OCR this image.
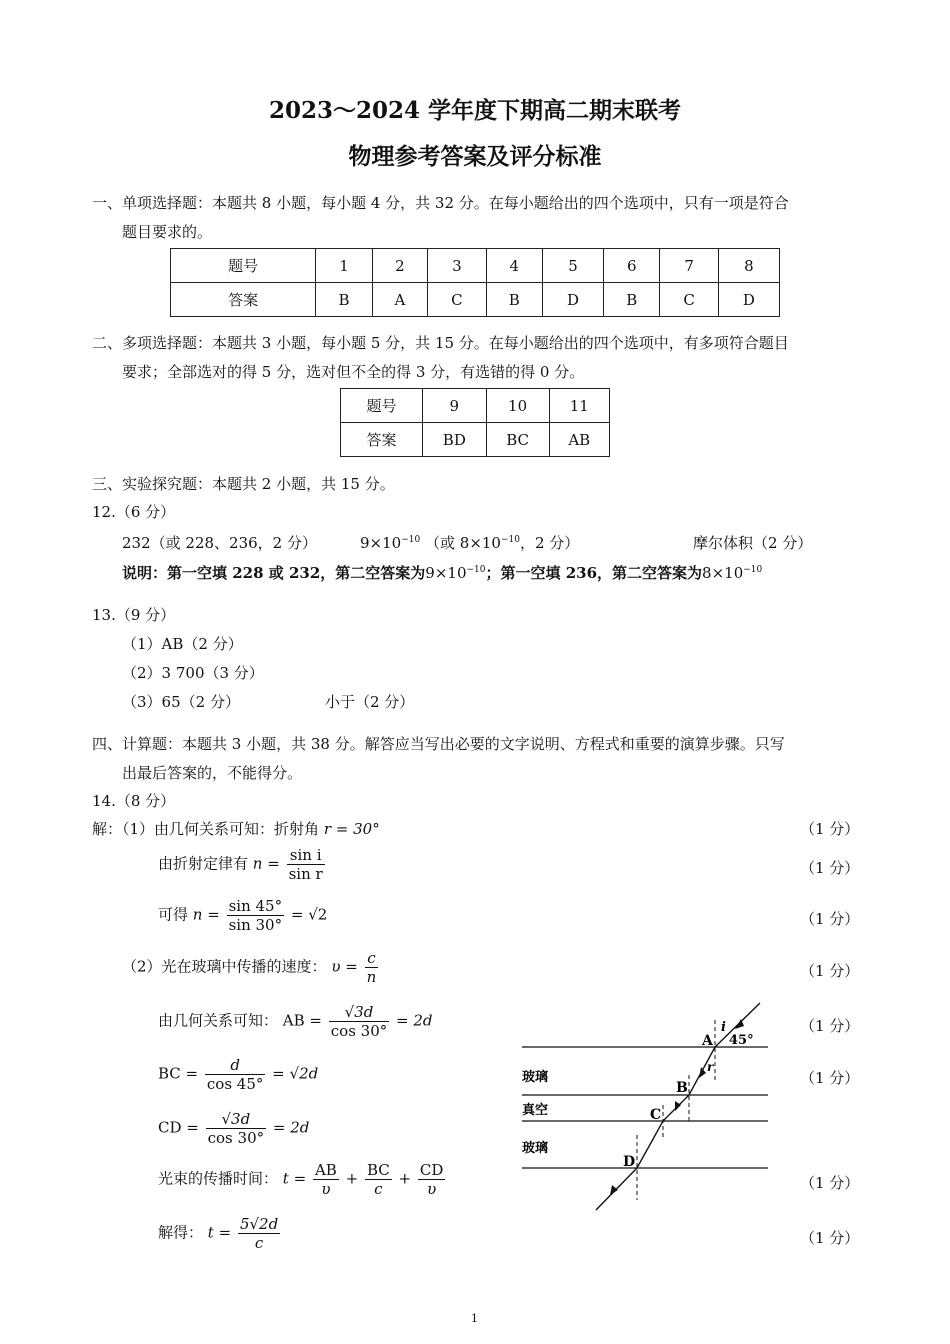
2023～2024 学年度下期高二期末联考
物理参考答案及评分标准
一、单项选择题：本题共 8 小题，每小题 4 分，共 32 分。在每小题给出的四个选项中，只有一项是符合
题目要求的。
题号	1	2	3	4	5	6	7	8
答案	B	A	C	B	D	B	C	D
二、多项选择题：本题共 3 小题，每小题 5 分，共 15 分。在每小题给出的四个选项中，有多项符合题目
要求；全部选对的得 5 分，选对但不全的得 3 分，有选错的得 0 分。
题号	9	10	11
答案	BD	BC	AB
三、实验探究题：本题共 2 小题，共 15 分。
12.（6 分）
232（或 228、236，2 分）	$9\times 10^{-10}$ （或 $8\times 10^{-10}$，2 分）	摩尔体积（2 分）
说明：第一空填 228 或 232，第二空答案为$9\times 10^{-10}$；第一空填 236，第二空答案为$8\times 10^{-10}$
13.（9 分）
（1）AB（2 分）
（2）3 700（3 分）
（3）65（2 分）	小于（2 分）
四、计算题：本题共 3 小题，共 38 分。解答应当写出必要的文字说明、方程式和重要的演算步骤。只写
出最后答案的，不能得分。
14.（8 分）
解：（1）由几何关系可知：折射角 r = 30°	（1 分）
由折射定律有 $n = \frac{\text{sin i}}{\text{sin r}}$	（1 分）
可得 $n = \frac{\sin 45^\circ}{\sin 30^\circ} = √2$	（1 分）
（2）光在玻璃中传播的速度： $\upsilon = \frac{c}{n}$	（1 分）
由几何关系可知： AB = $\frac{√3d}{\cos 30^\circ} = 2d$	（1 分）
BC = $\frac{d}{\cos 45^\circ} = √2d$	（1 分）
CD = $\frac{√3d}{\cos 30^\circ} = 2d$
光束的传播时间： $t = \frac{AB}{\upsilon} + \frac{BC}{c} + \frac{CD}{\upsilon}$	（1 分）
解得： $t = \frac{5√2d}{c}$	（1 分）
玻璃
真空
玻璃
A
B
C
D
i
r
45°
1
